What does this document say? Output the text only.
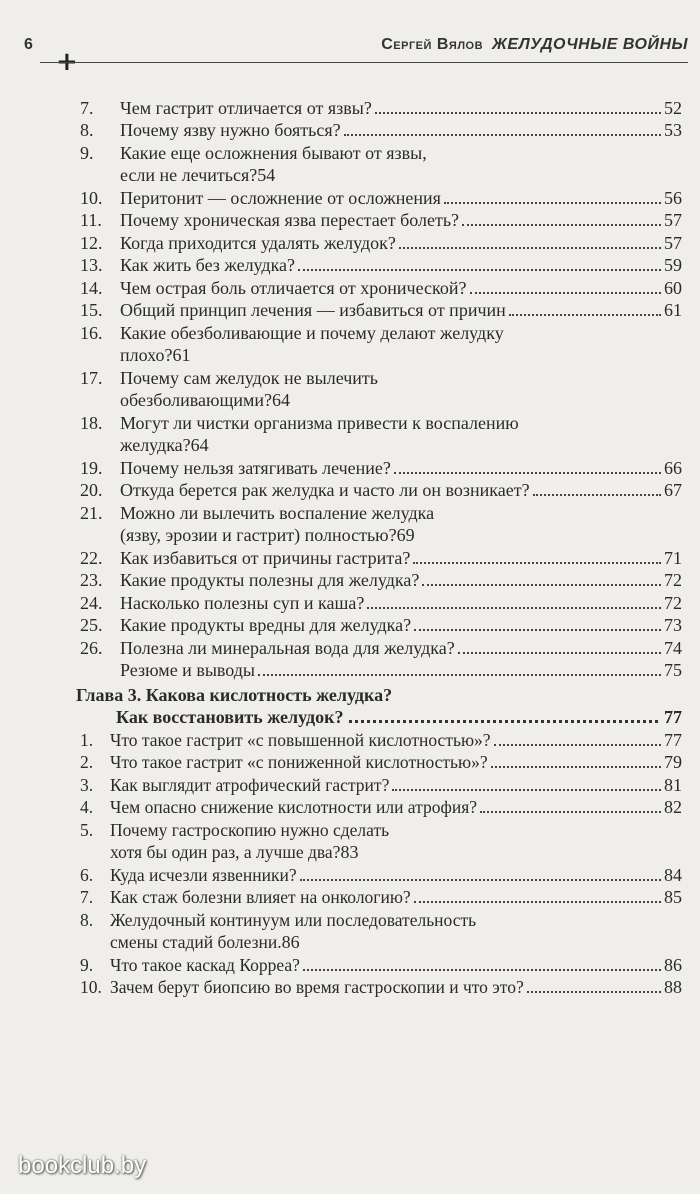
6
+
Сергей Вялов ЖЕЛУДОЧНЫЕ ВОЙНЫ
7.	Чем гастрит отличается от язвы?	52
8.	Почему язву нужно бояться?	53
9.	Какие еще осложнения бывают от язвы,
если не лечиться? 54
10. Перитонит — осложнение от осложнения	56
11.	Почему хроническая язва перестает болеть?	57
12. Когда приходится удалять желудок?	57
13. Как жить без желудка?	59
14. Чем острая боль отличается от хронической?	60
15. Общий принцип лечения — избавиться от причин	61
16. Какие обезболивающие и почему делают желудку
плохо? 61
17. Почему сам желудок не вылечить
обезболивающими? 64
18. Могут ли чистки организма привести к воспалению
желудка? 64
19. Почему нельзя затягивать лечение?	66
20. Откуда берется рак желудка и часто ли он возникает?	67
21. Можно ли вылечить воспаление желудка
(язву, эрозии и гастрит) полностью? 69
22. Как избавиться от причины гастрита?	71
23. Какие продукты полезны для желудка?	72
24. Насколько полезны суп и каша?	72
25. Какие продукты вредны для желудка?	73
26. Полезна ли минеральная вода для желудка?	74
Резюме и выводы	75
Глава 3. Какова кислотность желудка?
Как восстановить желудок?	77
1. Что такое гастрит «с повышенной кислотностью»?	77
2. Что такое гастрит «с пониженной кислотностью»?	79
3. Как выглядит атрофический гастрит?	81
4. Чем опасно снижение кислотности или атрофия?	82
5. Почему гастроскопию нужно сделать
хотя бы один раз, а лучше два? 83
6. Куда исчезли язвенники?	84
7. Как стаж болезни влияет на онкологию?	85
8. Желудочный континуум или последовательность
смены стадий болезни. 86
9. Что такое каскад Корреа?	86
10. Зачем берут биопсию во время гастроскопии и что это?	88
bookclub.by
